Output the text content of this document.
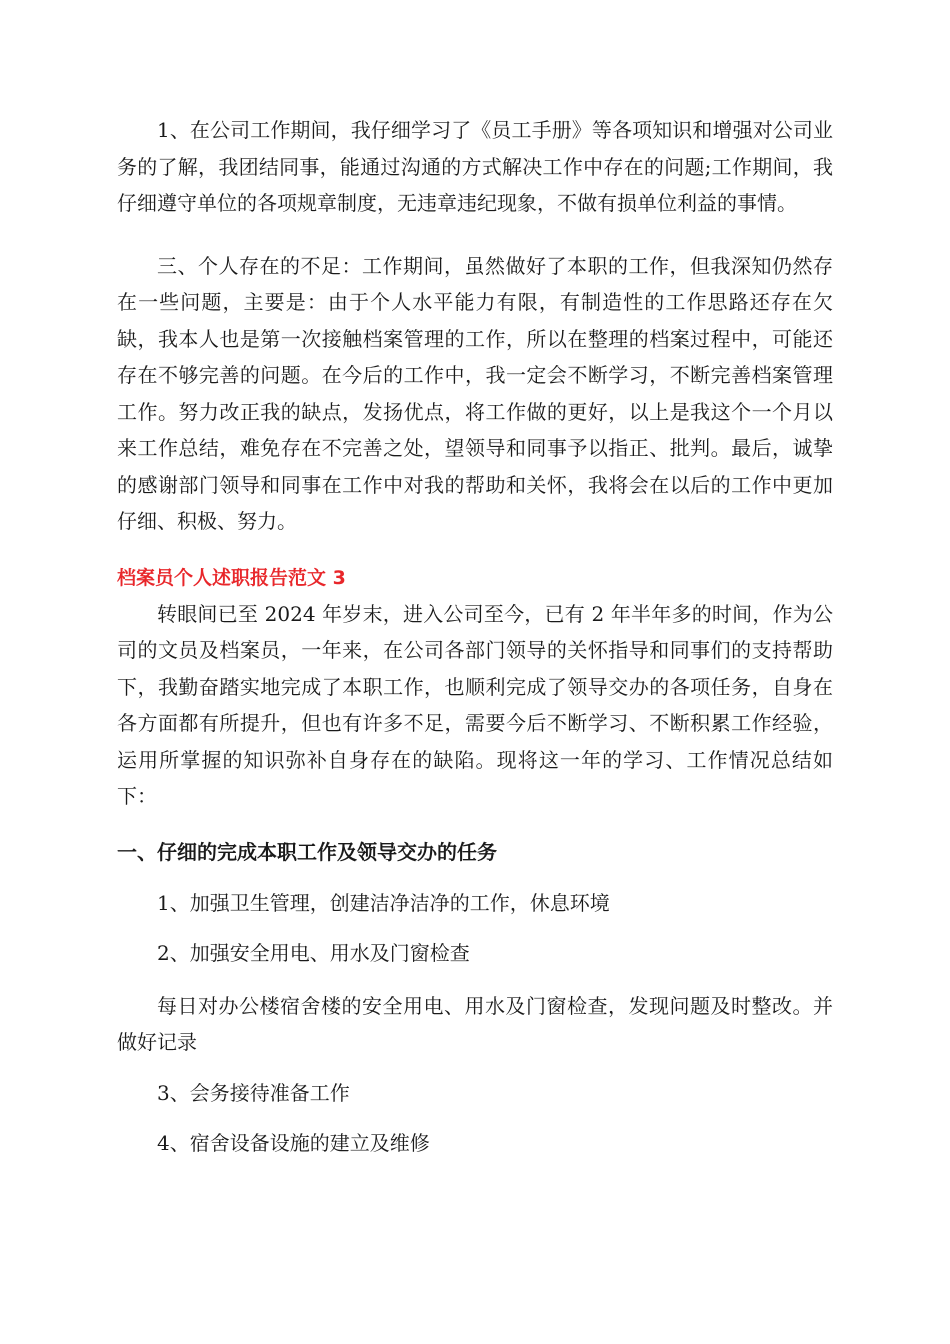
1、在公司工作期间，我仔细学习了《员工手册》等各项知识和增强对公司业务的了解，我团结同事，能通过沟通的方式解决工作中存在的问题;工作期间，我仔细遵守单位的各项规章制度，无违章违纪现象，不做有损单位利益的事情。

三、个人存在的不足：工作期间，虽然做好了本职的工作，但我深知仍然存在一些问题，主要是：由于个人水平能力有限，有制造性的工作思路还存在欠缺，我本人也是第一次接触档案管理的工作，所以在整理的档案过程中，可能还存在不够完善的问题。在今后的工作中，我一定会不断学习，不断完善档案管理工作。努力改正我的缺点，发扬优点，将工作做的更好，以上是我这个一个月以来工作总结，难免存在不完善之处，望领导和同事予以指正、批判。最后，诚挚的感谢部门领导和同事在工作中对我的帮助和关怀，我将会在以后的工作中更加仔细、积极、努力。

档案员个人述职报告范文 3

转眼间已至 2024 年岁末，进入公司至今，已有 2 年半年多的时间，作为公司的文员及档案员，一年来，在公司各部门领导的关怀指导和同事们的支持帮助下，我勤奋踏实地完成了本职工作，也顺利完成了领导交办的各项任务，自身在各方面都有所提升，但也有许多不足，需要今后不断学习、不断积累工作经验，运用所掌握的知识弥补自身存在的缺陷。现将这一年的学习、工作情况总结如下：

一、仔细的完成本职工作及领导交办的任务

1、加强卫生管理，创建洁净洁净的工作，休息环境

2、加强安全用电、用水及门窗检查

每日对办公楼宿舍楼的安全用电、用水及门窗检查，发现问题及时整改。并做好记录

3、会务接待准备工作

4、宿舍设备设施的建立及维修
